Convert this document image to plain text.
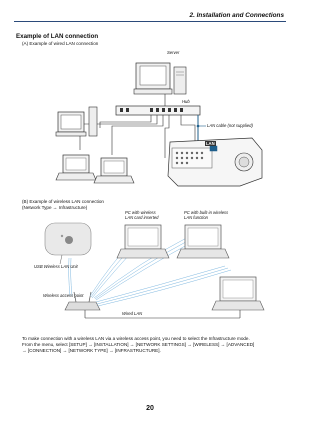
2. Installation and Connections
Example of LAN connection
(A) Example of wired LAN connection
Server
Hub
LAN cable (not supplied)
LAN
(B) Example of wireless LAN connection
(Network Type → Infrastructure)
PC with wireless
LAN card inserted
PC with built-in wireless
LAN function
USB Wireless LAN Unit
Wireless access point
Wired LAN
To make connection with a wireless LAN via a wireless access point, you need to select the Infrastructure mode.
From the menu, select [SETUP] → [INSTALLATION] → [NETWORK SETTINGS] → [WIRELESS] → [ADVANCED]
→ [CONNECTION] → [NETWORK TYPE] → [INFRASTRUCTURE].
20
